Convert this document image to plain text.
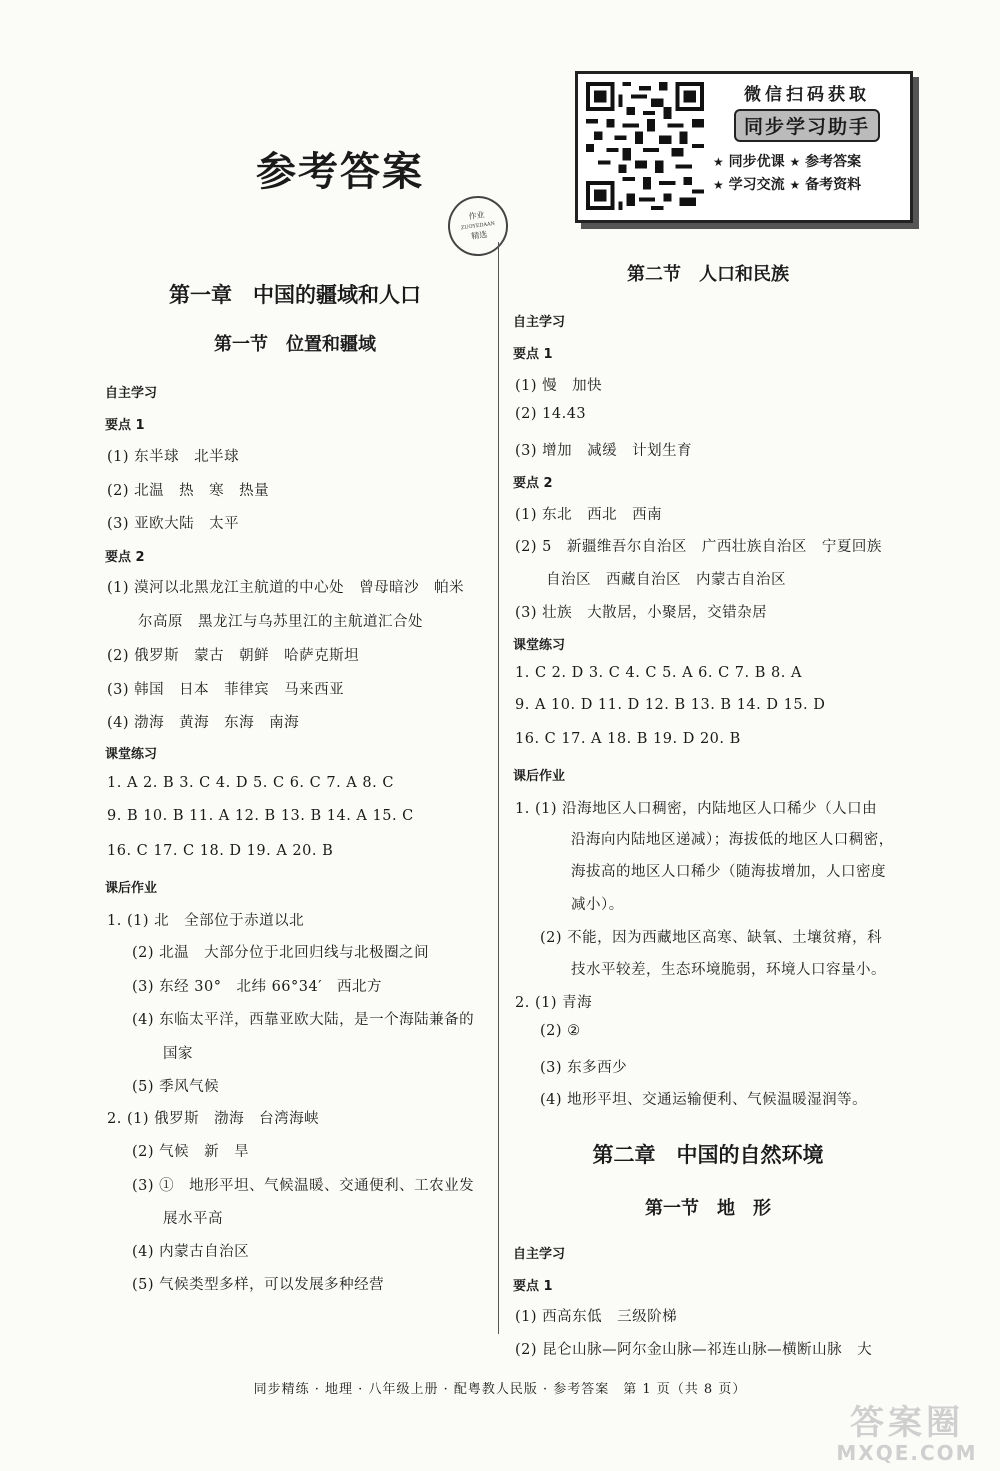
参考答案
作业
ZUOYEDAAN
精选
微信扫码获取
同步学习助手
★ 同步优课 ★ 参考答案
★ 学习交流 ★ 备考资料
第一章　中国的疆域和人口
第一节　位置和疆域
自主学习
要点 1
(1) 东半球　北半球
(2) 北温　热　寒　热量
(3) 亚欧大陆　太平
要点 2
(1) 漠河以北黑龙江主航道的中心处　曾母暗沙　帕米
尔高原　黑龙江与乌苏里江的主航道汇合处
(2) 俄罗斯　蒙古　朝鲜　哈萨克斯坦
(3) 韩国　日本　菲律宾　马来西亚
(4) 渤海　黄海　东海　南海
课堂练习
1. A 2. B 3. C 4. D 5. C 6. C 7. A 8. C
9. B 10. B 11. A 12. B 13. B 14. A 15. C
16. C 17. C 18. D 19. A 20. B
课后作业
1. (1) 北　全部位于赤道以北
(2) 北温　大部分位于北回归线与北极圈之间
(3) 东经 30°　北纬 66°34′　西北方
(4) 东临太平洋，西靠亚欧大陆，是一个海陆兼备的
国家
(5) 季风气候
2. (1) 俄罗斯　渤海　台湾海峡
(2) 气候　新　旱
(3) ①　地形平坦、气候温暖、交通便利、工农业发
展水平高
(4) 内蒙古自治区
(5) 气候类型多样，可以发展多种经营
第二节　人口和民族
自主学习
要点 1
(1) 慢　加快
(2) 14.43
(3) 增加　减缓　计划生育
要点 2
(1) 东北　西北　西南
(2) 5　新疆维吾尔自治区　广西壮族自治区　宁夏回族
自治区　西藏自治区　内蒙古自治区
(3) 壮族　大散居，小聚居，交错杂居
课堂练习
1. C 2. D 3. C 4. C 5. A 6. C 7. B 8. A
9. A 10. D 11. D 12. B 13. B 14. D 15. D
16. C 17. A 18. B 19. D 20. B
课后作业
1. (1) 沿海地区人口稠密，内陆地区人口稀少（人口由
沿海向内陆地区递减）；海拔低的地区人口稠密，
海拔高的地区人口稀少（随海拔增加，人口密度
减小）。
(2) 不能，因为西藏地区高寒、缺氧、土壤贫瘠，科
技水平较差，生态环境脆弱，环境人口容量小。
2. (1) 青海
(2) ②
(3) 东多西少
(4) 地形平坦、交通运输便利、气候温暖湿润等。
第二章　中国的自然环境
第一节　地　形
自主学习
要点 1
(1) 西高东低　三级阶梯
(2) 昆仑山脉—阿尔金山脉—祁连山脉—横断山脉　大
同步精练 · 地理 · 八年级上册 · 配粤教人民版 · 参考答案　第 1 页（共 8 页）
答案圈
MXQE.COM
